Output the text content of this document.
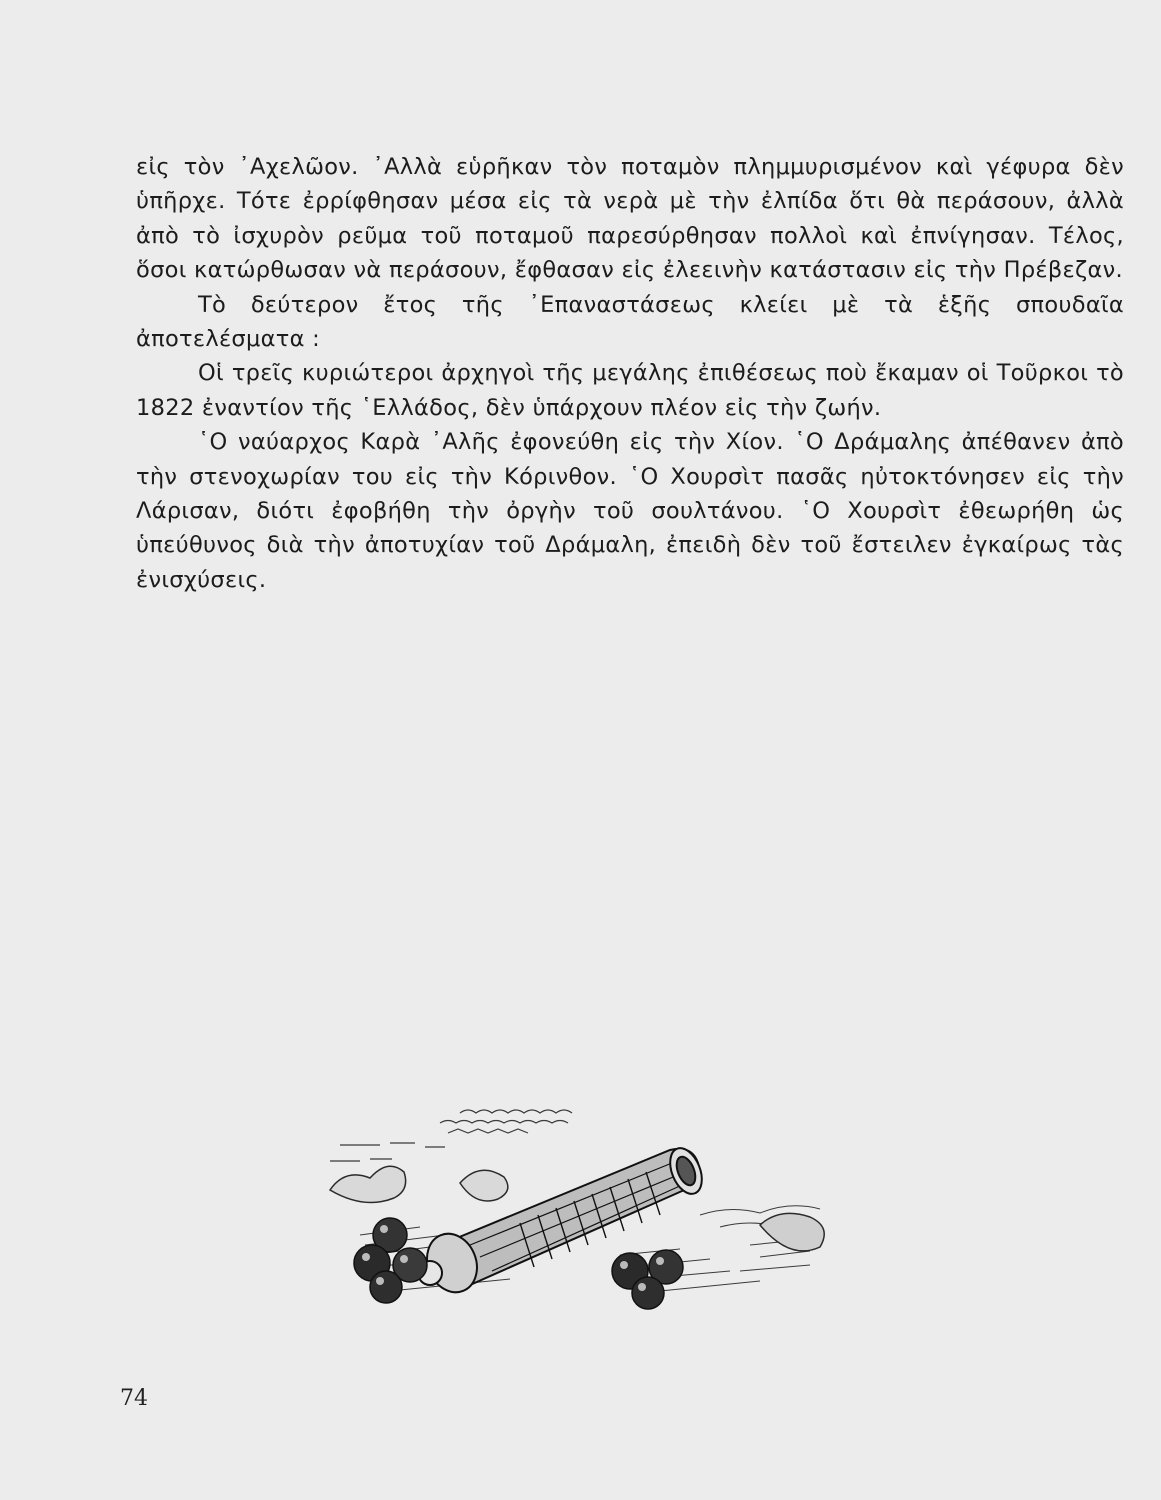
εἰς τὸν ᾿Αχελῶον. ᾿Αλλὰ εὑρῆκαν τὸν ποταμὸν πλημμυρισμένον καὶ γέφυρα δὲν ὑπῆρχε. Τότε ἐρρίφθησαν μέσα εἰς τὰ νερὰ μὲ τὴν ἐλπίδα ὅτι θὰ περάσουν, ἀλλὰ ἀπὸ τὸ ἰσχυρὸν ρεῦμα τοῦ ποταμοῦ παρεσύρθησαν πολλοὶ καὶ ἐπνίγησαν. Τέλος, ὅσοι κατώρθωσαν νὰ περάσουν, ἔφθασαν εἰς ἐλεεινὴν κατάστασιν εἰς τὴν Πρέβεζαν.

Τὸ δεύτερον ἔτος τῆς ᾿Επαναστάσεως κλείει μὲ τὰ ἑξῆς σπουδαῖα ἀποτελέσματα :

Οἱ τρεῖς κυριώτεροι ἀρχηγοὶ τῆς μεγάλης ἐπιθέσεως ποὺ ἔκαμαν οἱ Τοῦρκοι τὸ 1822 ἐναντίον τῆς ῾Ελλάδος, δὲν ὑπάρχουν πλέον εἰς τὴν ζωήν.

῾Ο ναύαρχος Καρὰ ᾿Αλῆς ἐφονεύθη εἰς τὴν Χίον. ῾Ο Δράμαλης ἀπέθανεν ἀπὸ τὴν στενοχωρίαν του εἰς τὴν Κόρινθον. ῾Ο Χουρσὶτ πασᾶς ηὐτοκτόνησεν εἰς τὴν Λάρισαν, διότι ἐφοβήθη τὴν ὀργὴν τοῦ σουλτάνου. ῾Ο Χουρσὶτ ἐθεωρήθη ὡς ὑπεύθυνος διὰ τὴν ἀποτυχίαν τοῦ Δράμαλη, ἐπειδὴ δὲν τοῦ ἔστειλεν ἐγκαίρως τὰς ἐνισχύσεις.

74
